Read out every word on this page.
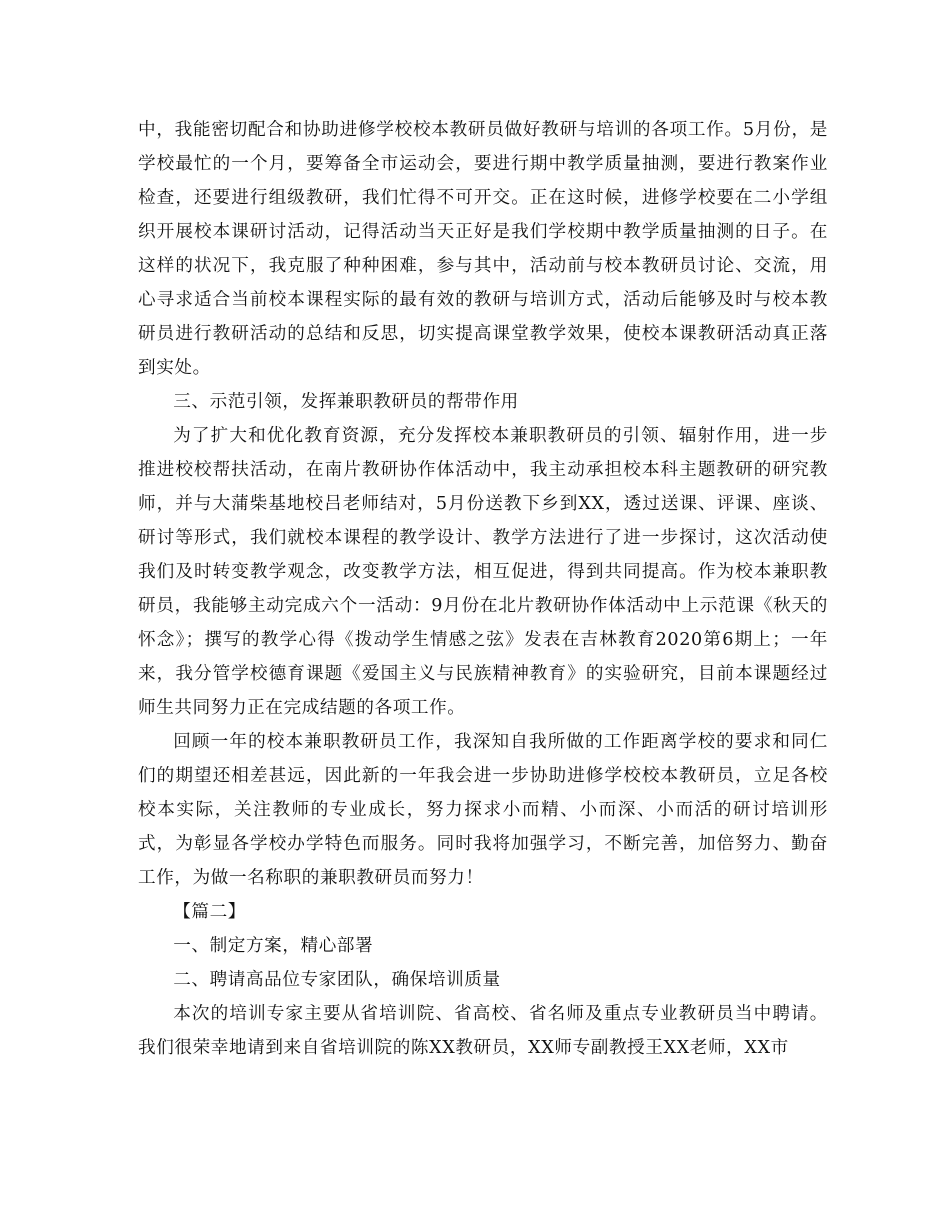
中，我能密切配合和协助进修学校校本教研员做好教研与培训的各项工作。5月份，是学校最忙的一个月，要筹备全市运动会，要进行期中教学质量抽测，要进行教案作业检查，还要进行组级教研，我们忙得不可开交。正在这时候，进修学校要在二小学组织开展校本课研讨活动，记得活动当天正好是我们学校期中教学质量抽测的日子。在这样的状况下，我克服了种种困难，参与其中，活动前与校本教研员讨论、交流，用心寻求适合当前校本课程实际的最有效的教研与培训方式，活动后能够及时与校本教研员进行教研活动的总结和反思，切实提高课堂教学效果，使校本课教研活动真正落到实处。

三、示范引领，发挥兼职教研员的帮带作用

为了扩大和优化教育资源，充分发挥校本兼职教研员的引领、辐射作用，进一步推进校校帮扶活动，在南片教研协作体活动中，我主动承担校本科主题教研的研究教师，并与大蒲柴基地校吕老师结对，5月份送教下乡到XX，透过送课、评课、座谈、研讨等形式，我们就校本课程的教学设计、教学方法进行了进一步探讨，这次活动使我们及时转变教学观念，改变教学方法，相互促进，得到共同提高。作为校本兼职教研员，我能够主动完成六个一活动：9月份在北片教研协作体活动中上示范课《秋天的怀念》；撰写的教学心得《拨动学生情感之弦》发表在吉林教育2020第6期上；一年来，我分管学校德育课题《爱国主义与民族精神教育》的实验研究，目前本课题经过师生共同努力正在完成结题的各项工作。

回顾一年的校本兼职教研员工作，我深知自我所做的工作距离学校的要求和同仁们的期望还相差甚远，因此新的一年我会进一步协助进修学校校本教研员，立足各校校本实际，关注教师的专业成长，努力探求小而精、小而深、小而活的研讨培训形式，为彰显各学校办学特色而服务。同时我将加强学习，不断完善，加倍努力、勤奋工作，为做一名称职的兼职教研员而努力！

【篇二】

一、制定方案，精心部署

二、聘请高品位专家团队，确保培训质量

本次的培训专家主要从省培训院、省高校、省名师及重点专业教研员当中聘请。我们很荣幸地请到来自省培训院的陈XX教研员，XX师专副教授王XX老师，XX市
